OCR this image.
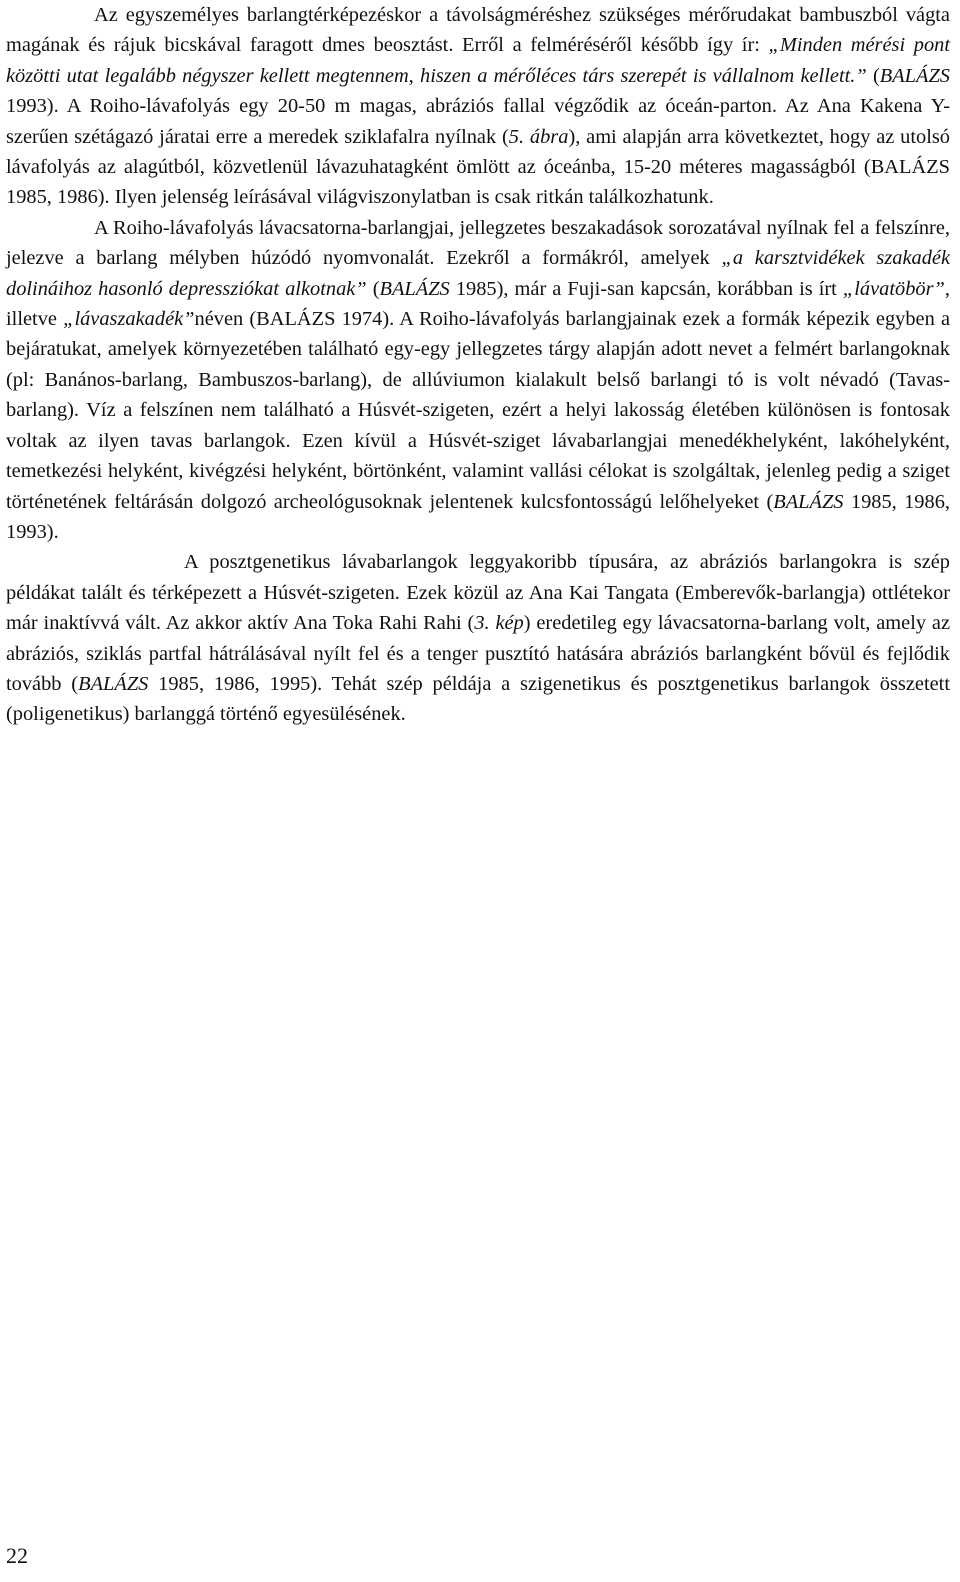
Az egyszemélyes barlangtérképezéskor a távolságméréshez szükséges mérőrudakat bambuszból vágta magának és rájuk bicskával faragott dmes beosztást. Erről a felméréséről később így ír: „Minden mérési pont közötti utat legalább négyszer kellett megtennem, hiszen a mérőléces társ szerepét is vállalnom kellett.” (BALÁZS 1993). A Roiho-lávafolyás egy 20-50 m magas, abráziós fallal végződik az óceán-parton. Az Ana Kakena Y-szerűen szétágazó járatai erre a meredek sziklafalra nyílnak (5. ábra), ami alapján arra következtet, hogy az utolsó lávafolyás az alagútból, közvetlenül lávazuhatagként ömlött az óceánba, 15-20 méteres magasságból (BALÁZS 1985, 1986). Ilyen jelenség leírásával világviszonylatban is csak ritkán találkozhatunk.

A Roiho-lávafolyás lávacsatorna-barlangjai, jellegzetes beszakadások sorozatával nyílnak fel a felszínre, jelezve a barlang mélyben húzódó nyomvonalát. Ezekről a formákról, amelyek „a karsztvidékek szakadék dolináihoz hasonló depressziókat alkotnak” (BALÁZS 1985), már a Fuji-san kapcsán, korábban is írt „lávatöbör”, illetve „lávaszakadék”néven (BALÁZS 1974). A Roiho-lávafolyás barlangjainak ezek a formák képezik egyben a bejáratukat, amelyek környezetében található egy-egy jellegzetes tárgy alapján adott nevet a felmért barlangoknak (pl: Banános-barlang, Bambuszos-barlang), de allúviumon kialakult belső barlangi tó is volt névadó (Tavas-barlang). Víz a felszínen nem található a Húsvét-szigeten, ezért a helyi lakosság életében különösen is fontosak voltak az ilyen tavas barlangok. Ezen kívül a Húsvét-sziget lávabarlangjai menedékhelyként, lakóhelyként, temetkezési helyként, kivégzési helyként, börtönként, valamint vallási célokat is szolgáltak, jelenleg pedig a sziget történetének feltárásán dolgozó archeológusoknak jelentenek kulcsfontosságú lelőhelyeket (BALÁZS 1985, 1986, 1993).

A posztgenetikus lávabarlangok leggyakoribb típusára, az abráziós barlangokra is szép példákat talált és térképezett a Húsvét-szigeten. Ezek közül az Ana Kai Tangata (Emberevők-barlangja) ottlétekor már inaktívvá vált. Az akkor aktív Ana Toka Rahi Rahi (3. kép) eredetileg egy lávacsatorna-barlang volt, amely az abráziós, sziklás partfal hátrálásával nyílt fel és a tenger pusztító hatására abráziós barlangként bővül és fejlődik tovább (BALÁZS 1985, 1986, 1995). Tehát szép példája a szigenetikus és posztgenetikus barlangok összetett (poligenetikus) barlanggá történő egyesülésének.

22
